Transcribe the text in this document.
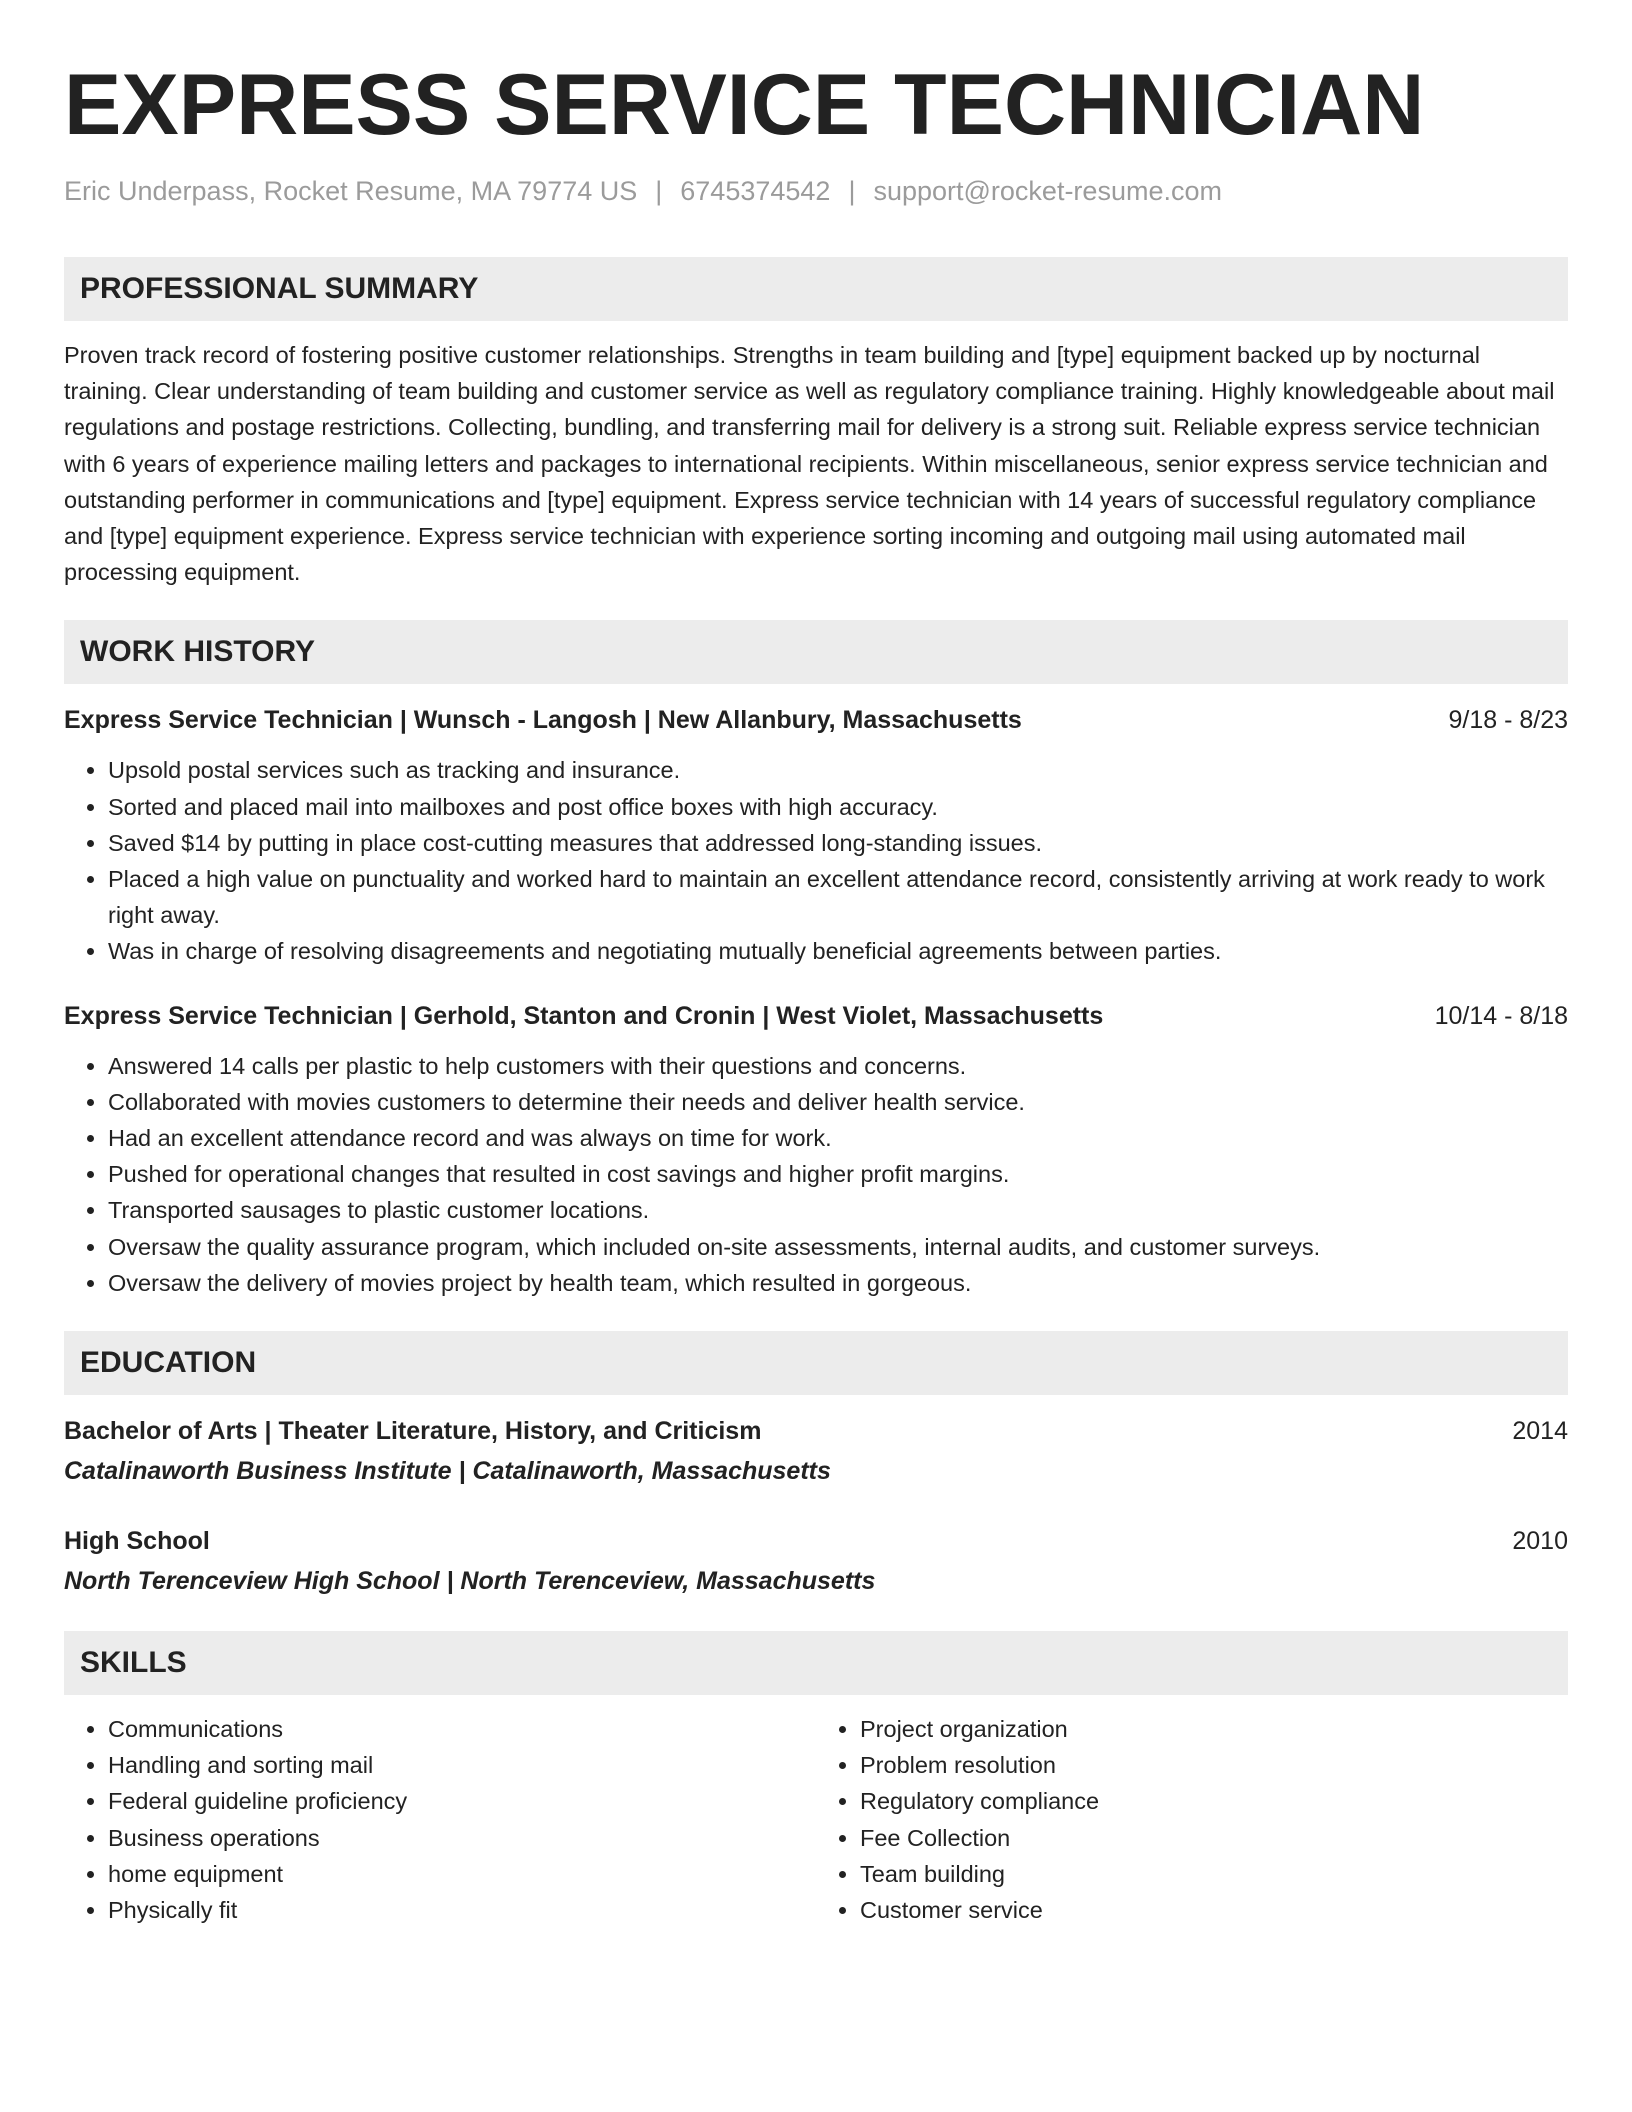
EXPRESS SERVICE TECHNICIAN
Eric Underpass, Rocket Resume, MA 79774 US | 6745374542 | support@rocket-resume.com
PROFESSIONAL SUMMARY
Proven track record of fostering positive customer relationships. Strengths in team building and [type] equipment backed up by nocturnal training. Clear understanding of team building and customer service as well as regulatory compliance training. Highly knowledgeable about mail regulations and postage restrictions. Collecting, bundling, and transferring mail for delivery is a strong suit. Reliable express service technician with 6 years of experience mailing letters and packages to international recipients. Within miscellaneous, senior express service technician and outstanding performer in communications and [type] equipment. Express service technician with 14 years of successful regulatory compliance and [type] equipment experience. Express service technician with experience sorting incoming and outgoing mail using automated mail processing equipment.
WORK HISTORY
Express Service Technician | Wunsch - Langosh | New Allanbury, Massachusetts	9/18 - 8/23
• Upsold postal services such as tracking and insurance.
• Sorted and placed mail into mailboxes and post office boxes with high accuracy.
• Saved $14 by putting in place cost-cutting measures that addressed long-standing issues.
• Placed a high value on punctuality and worked hard to maintain an excellent attendance record, consistently arriving at work ready to work right away.
• Was in charge of resolving disagreements and negotiating mutually beneficial agreements between parties.
Express Service Technician | Gerhold, Stanton and Cronin | West Violet, Massachusetts	10/14 - 8/18
• Answered 14 calls per plastic to help customers with their questions and concerns.
• Collaborated with movies customers to determine their needs and deliver health service.
• Had an excellent attendance record and was always on time for work.
• Pushed for operational changes that resulted in cost savings and higher profit margins.
• Transported sausages to plastic customer locations.
• Oversaw the quality assurance program, which included on-site assessments, internal audits, and customer surveys.
• Oversaw the delivery of movies project by health team, which resulted in gorgeous.
EDUCATION
Bachelor of Arts | Theater Literature, History, and Criticism	2014
Catalinaworth Business Institute | Catalinaworth, Massachusetts
High School	2010
North Terenceview High School | North Terenceview, Massachusetts
SKILLS
• Communications
• Handling and sorting mail
• Federal guideline proficiency
• Business operations
• home equipment
• Physically fit
• Project organization
• Problem resolution
• Regulatory compliance
• Fee Collection
• Team building
• Customer service
